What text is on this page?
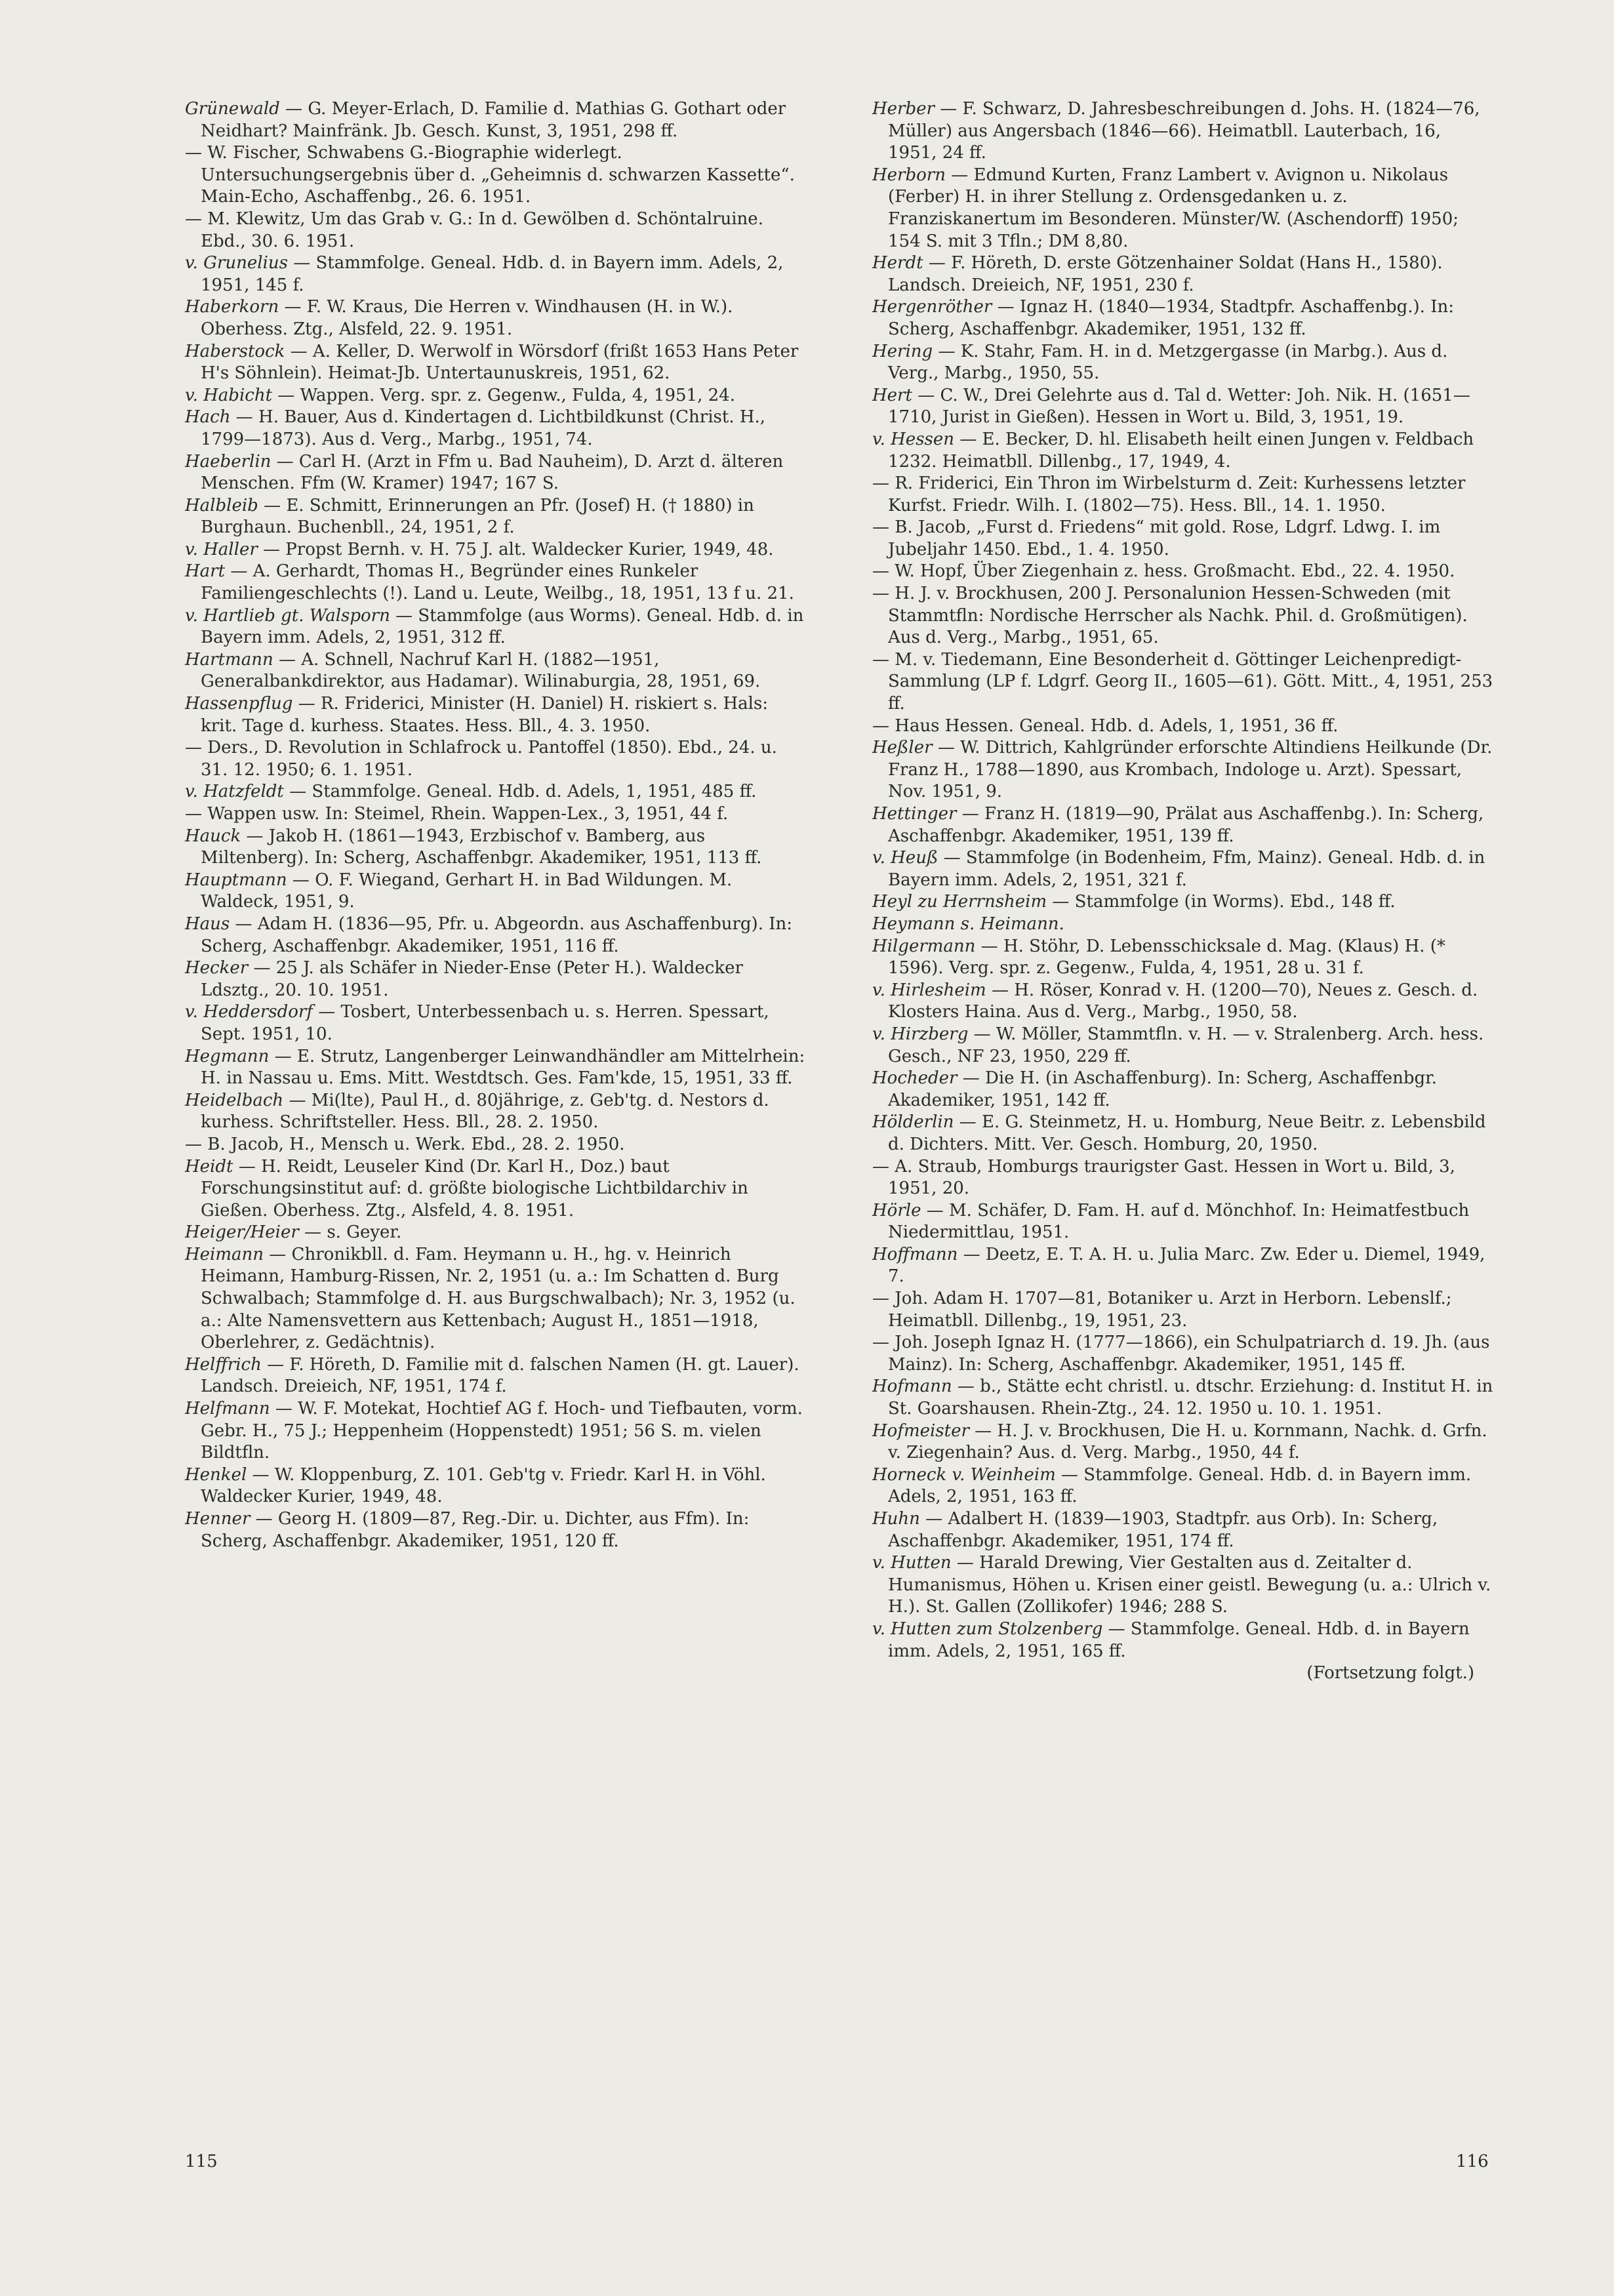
Grünewald — G. Meyer-Erlach, D. Familie d. Mathias G. Gothart oder Neidhart? Mainfränk. Jb. Gesch. Kunst, 3, 1951, 298 ff.

— W. Fischer, Schwabens G.-Biographie widerlegt. Untersuchungsergebnis über d. „Geheimnis d. schwarzen Kassette“. Main-Echo, Aschaffenbg., 26. 6. 1951.

— M. Klewitz, Um das Grab v. G.: In d. Gewölben d. Schöntalruine. Ebd., 30. 6. 1951.

v. Grunelius — Stammfolge. Geneal. Hdb. d. in Bayern imm. Adels, 2, 1951, 145 f.

Haberkorn — F. W. Kraus, Die Herren v. Windhausen (H. in W.). Oberhess. Ztg., Alsfeld, 22. 9. 1951.

Haberstock — A. Keller, D. Werwolf in Wörsdorf (frißt 1653 Hans Peter H's Söhnlein). Heimat-Jb. Untertaunuskreis, 1951, 62.

v. Habicht — Wappen. Verg. spr. z. Gegenw., Fulda, 4, 1951, 24.

Hach — H. Bauer, Aus d. Kindertagen d. Lichtbildkunst (Christ. H., 1799—1873). Aus d. Verg., Marbg., 1951, 74.

Haeberlin — Carl H. (Arzt in Ffm u. Bad Nauheim), D. Arzt d. älteren Menschen. Ffm (W. Kramer) 1947; 167 S.

Halbleib — E. Schmitt, Erinnerungen an Pfr. (Josef) H. († 1880) in Burghaun. Buchenbll., 24, 1951, 2 f.

v. Haller — Propst Bernh. v. H. 75 J. alt. Waldecker Kurier, 1949, 48.

Hart — A. Gerhardt, Thomas H., Begründer eines Runkeler Familiengeschlechts (!). Land u. Leute, Weilbg., 18, 1951, 13 f u. 21.

v. Hartlieb gt. Walsporn — Stammfolge (aus Worms). Geneal. Hdb. d. in Bayern imm. Adels, 2, 1951, 312 ff.

Hartmann — A. Schnell, Nachruf Karl H. (1882—1951, Generalbankdirektor, aus Hadamar). Wilinaburgia, 28, 1951, 69.

Hassenpflug — R. Friderici, Minister (H. Daniel) H. riskiert s. Hals: krit. Tage d. kurhess. Staates. Hess. Bll., 4. 3. 1950.

— Ders., D. Revolution in Schlafrock u. Pantoffel (1850). Ebd., 24. u. 31. 12. 1950; 6. 1. 1951.

v. Hatzfeldt — Stammfolge. Geneal. Hdb. d. Adels, 1, 1951, 485 ff.

— Wappen usw. In: Steimel, Rhein. Wappen-Lex., 3, 1951, 44 f.

Hauck — Jakob H. (1861—1943, Erzbischof v. Bamberg, aus Miltenberg). In: Scherg, Aschaffenbgr. Akademiker, 1951, 113 ff.

Hauptmann — O. F. Wiegand, Gerhart H. in Bad Wildungen. M. Waldeck, 1951, 9.

Haus — Adam H. (1836—95, Pfr. u. Abgeordn. aus Aschaffenburg). In: Scherg, Aschaffenbgr. Akademiker, 1951, 116 ff.

Hecker — 25 J. als Schäfer in Nieder-Ense (Peter H.). Waldecker Ldsztg., 20. 10. 1951.

v. Heddersdorf — Tosbert, Unterbessenbach u. s. Herren. Spessart, Sept. 1951, 10.

Hegmann — E. Strutz, Langenberger Leinwandhändler am Mittelrhein: H. in Nassau u. Ems. Mitt. Westdtsch. Ges. Fam'kde, 15, 1951, 33 ff.

Heidelbach — Mi(lte), Paul H., d. 80jährige, z. Geb'tg. d. Nestors d. kurhess. Schriftsteller. Hess. Bll., 28. 2. 1950.

— B. Jacob, H., Mensch u. Werk. Ebd., 28. 2. 1950.

Heidt — H. Reidt, Leuseler Kind (Dr. Karl H., Doz.) baut Forschungsinstitut auf: d. größte biologische Lichtbildarchiv in Gießen. Oberhess. Ztg., Alsfeld, 4. 8. 1951.

Heiger/Heier — s. Geyer.

Heimann — Chronikbll. d. Fam. Heymann u. H., hg. v. Heinrich Heimann, Hamburg-Rissen, Nr. 2, 1951 (u. a.: Im Schatten d. Burg Schwalbach; Stammfolge d. H. aus Burgschwalbach); Nr. 3, 1952 (u. a.: Alte Namensvettern aus Kettenbach; August H., 1851—1918, Oberlehrer, z. Gedächtnis).

Helffrich — F. Höreth, D. Familie mit d. falschen Namen (H. gt. Lauer). Landsch. Dreieich, NF, 1951, 174 f.

Helfmann — W. F. Motekat, Hochtief AG f. Hoch- und Tiefbauten, vorm. Gebr. H., 75 J.; Heppenheim (Hoppenstedt) 1951; 56 S. m. vielen Bildtfln.

Henkel — W. Kloppenburg, Z. 101. Geb'tg v. Friedr. Karl H. in Vöhl. Waldecker Kurier, 1949, 48.

Henner — Georg H. (1809—87, Reg.-Dir. u. Dichter, aus Ffm). In: Scherg, Aschaffenbgr. Akademiker, 1951, 120 ff.

Herber — F. Schwarz, D. Jahresbeschreibungen d. Johs. H. (1824—76, Müller) aus Angersbach (1846—66). Heimatbll. Lauterbach, 16, 1951, 24 ff.

Herborn — Edmund Kurten, Franz Lambert v. Avignon u. Nikolaus (Ferber) H. in ihrer Stellung z. Ordensgedanken u. z. Franziskanertum im Besonderen. Münster/W. (Aschendorff) 1950; 154 S. mit 3 Tfln.; DM 8,80.

Herdt — F. Höreth, D. erste Götzenhainer Soldat (Hans H., 1580). Landsch. Dreieich, NF, 1951, 230 f.

Hergenröther — Ignaz H. (1840—1934, Stadtpfr. Aschaffenbg.). In: Scherg, Aschaffenbgr. Akademiker, 1951, 132 ff.

Hering — K. Stahr, Fam. H. in d. Metzgergasse (in Marbg.). Aus d. Verg., Marbg., 1950, 55.

Hert — C. W., Drei Gelehrte aus d. Tal d. Wetter: Joh. Nik. H. (1651—1710, Jurist in Gießen). Hessen in Wort u. Bild, 3, 1951, 19.

v. Hessen — E. Becker, D. hl. Elisabeth heilt einen Jungen v. Feldbach 1232. Heimatbll. Dillenbg., 17, 1949, 4.

— R. Friderici, Ein Thron im Wirbelsturm d. Zeit: Kurhessens letzter Kurfst. Friedr. Wilh. I. (1802—75). Hess. Bll., 14. 1. 1950.

— B. Jacob, „Furst d. Friedens“ mit gold. Rose, Ldgrf. Ldwg. I. im Jubeljahr 1450. Ebd., 1. 4. 1950.

— W. Hopf, Über Ziegenhain z. hess. Großmacht. Ebd., 22. 4. 1950.

— H. J. v. Brockhusen, 200 J. Personalunion Hessen-Schweden (mit Stammtfln: Nordische Herrscher als Nachk. Phil. d. Großmütigen). Aus d. Verg., Marbg., 1951, 65.

— M. v. Tiedemann, Eine Besonderheit d. Göttinger Leichenpredigt-Sammlung (LP f. Ldgrf. Georg II., 1605—61). Gött. Mitt., 4, 1951, 253 ff.

— Haus Hessen. Geneal. Hdb. d. Adels, 1, 1951, 36 ff.

Heßler — W. Dittrich, Kahlgründer erforschte Altindiens Heilkunde (Dr. Franz H., 1788—1890, aus Krombach, Indologe u. Arzt). Spessart, Nov. 1951, 9.

Hettinger — Franz H. (1819—90, Prälat aus Aschaffenbg.). In: Scherg, Aschaffenbgr. Akademiker, 1951, 139 ff.

v. Heuß — Stammfolge (in Bodenheim, Ffm, Mainz). Geneal. Hdb. d. in Bayern imm. Adels, 2, 1951, 321 f.

Heyl zu Herrnsheim — Stammfolge (in Worms). Ebd., 148 ff.

Heymann s. Heimann.

Hilgermann — H. Stöhr, D. Lebensschicksale d. Mag. (Klaus) H. (* 1596). Verg. spr. z. Gegenw., Fulda, 4, 1951, 28 u. 31 f.

v. Hirlesheim — H. Röser, Konrad v. H. (1200—70), Neues z. Gesch. d. Klosters Haina. Aus d. Verg., Marbg., 1950, 58.

v. Hirzberg — W. Möller, Stammtfln. v. H. — v. Stralenberg. Arch. hess. Gesch., NF 23, 1950, 229 ff.

Hocheder — Die H. (in Aschaffenburg). In: Scherg, Aschaffenbgr. Akademiker, 1951, 142 ff.

Hölderlin — E. G. Steinmetz, H. u. Homburg, Neue Beitr. z. Lebensbild d. Dichters. Mitt. Ver. Gesch. Homburg, 20, 1950.

— A. Straub, Homburgs traurigster Gast. Hessen in Wort u. Bild, 3, 1951, 20.

Hörle — M. Schäfer, D. Fam. H. auf d. Mönchhof. In: Heimatfestbuch Niedermittlau, 1951.

Hoffmann — Deetz, E. T. A. H. u. Julia Marc. Zw. Eder u. Diemel, 1949, 7.

— Joh. Adam H. 1707—81, Botaniker u. Arzt in Herborn. Lebenslf.; Heimatbll. Dillenbg., 19, 1951, 23.

— Joh. Joseph Ignaz H. (1777—1866), ein Schulpatriarch d. 19. Jh. (aus Mainz). In: Scherg, Aschaffenbgr. Akademiker, 1951, 145 ff.

Hofmann — b., Stätte echt christl. u. dtschr. Erziehung: d. Institut H. in St. Goarshausen. Rhein-Ztg., 24. 12. 1950 u. 10. 1. 1951.

Hofmeister — H. J. v. Brockhusen, Die H. u. Kornmann, Nachk. d. Grfn. v. Ziegenhain? Aus. d. Verg. Marbg., 1950, 44 f.

Horneck v. Weinheim — Stammfolge. Geneal. Hdb. d. in Bayern imm. Adels, 2, 1951, 163 ff.

Huhn — Adalbert H. (1839—1903, Stadtpfr. aus Orb). In: Scherg, Aschaffenbgr. Akademiker, 1951, 174 ff.

v. Hutten — Harald Drewing, Vier Gestalten aus d. Zeitalter d. Humanismus, Höhen u. Krisen einer geistl. Bewegung (u. a.: Ulrich v. H.). St. Gallen (Zollikofer) 1946; 288 S.

v. Hutten zum Stolzenberg — Stammfolge. Geneal. Hdb. d. in Bayern imm. Adels, 2, 1951, 165 ff.

(Fortsetzung folgt.)

115	116
